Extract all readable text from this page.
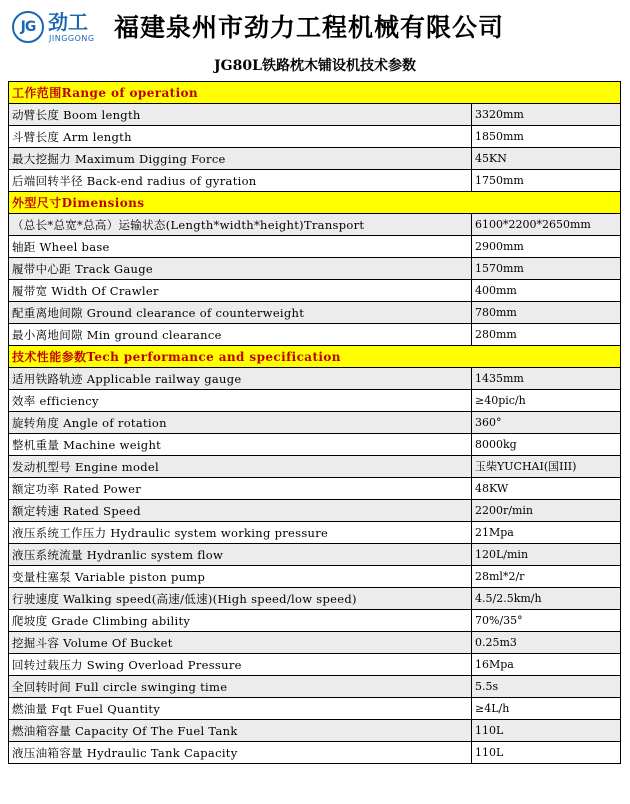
JG 劲工
JINGGONG 福建泉州市劲力工程机械有限公司
JG80L铁路枕木铺设机技术参数
工作范围Range of operation
动臂长度 Boom length	3320mm
斗臂长度 Arm length	1850mm
最大挖掘力 Maximum Digging Force	45KN
后端回转半径 Back-end radius of gyration	1750mm
外型尺寸Dimensions
（总长*总宽*总高）运输状态(Length*width*height)Transport	6100*2200*2650mm
轴距 Wheel base	2900mm
履带中心距 Track Gauge	1570mm
履带宽 Width Of Crawler	400mm
配重离地间隙 Ground clearance of counterweight	780mm
最小离地间隙 Min ground clearance	280mm
技术性能参数Tech performance and specification
适用铁路轨迹 Applicable railway gauge	1435mm
效率 efficiency	≥40pic/h
旋转角度 Angle of rotation	360°
整机重量 Machine weight	8000kg
发动机型号 Engine model	玉柴YUCHAI(国III)
额定功率 Rated Power	48KW
额定转速 Rated Speed	2200r/min
液压系统工作压力 Hydraulic system working pressure	21Mpa
液压系统流量 Hydranlic system flow	120L/min
变量柱塞泵 Variable piston pump	28ml*2/r
行驶速度 Walking speed(高速/低速)(High speed/low speed)	4.5/2.5km/h
爬坡度 Grade Climbing ability	70%/35°
挖掘斗容 Volume Of Bucket	0.25m3
回转过载压力 Swing Overload Pressure	16Mpa
全回转时间 Full circle swinging time	5.5s
燃油量 Fqt Fuel Quantity	≥4L/h
燃油箱容量 Capacity Of The Fuel Tank	110L
液压油箱容量 Hydraulic Tank Capacity	110L
